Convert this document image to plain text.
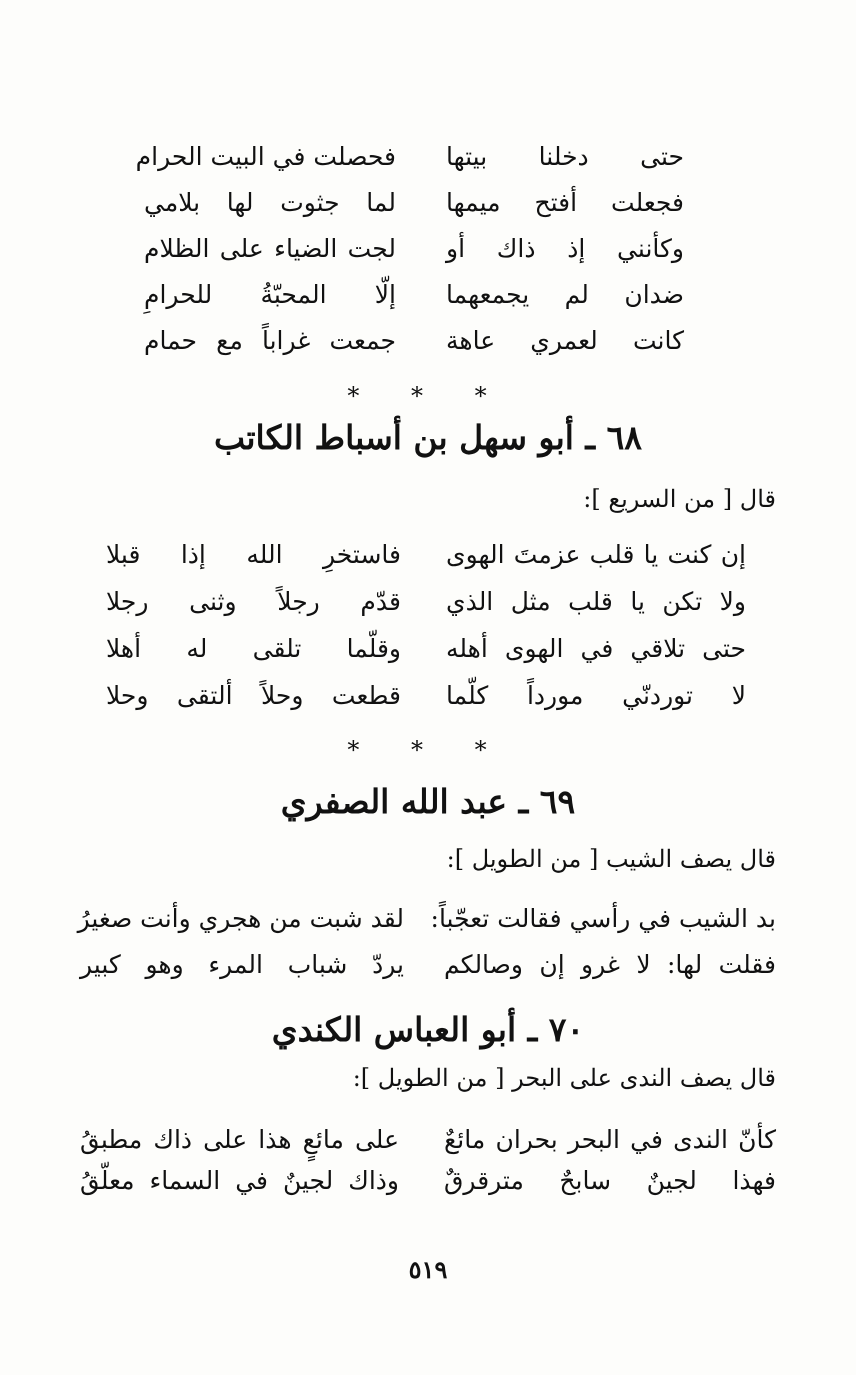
حتى دخلنا بيتها
فحصلت في البيت الحرام
فجعلت أفتح ميمها
لما جثوت لها بلامي
وكأنني إذ ذاك أو
لجت الضياء على الظلام
ضدان لم يجمعهما
إلّا المحبّةُ للحرامِ
كانت لعمري عاهة
جمعت غراباً مع حمام
* * *
٦٨ ـ أبو سهل بن أسباط الكاتب
قال [ من السريع ]:
إن كنت يا قلب عزمتَ الهوى
فاستخرِ الله إذا قبلا
ولا تكن يا قلب مثل الذي
قدّم رجلاً وثنى رجلا
حتى تلاقي في الهوى أهله
وقلّما تلقى له أهلا
لا توردنّي مورداً كلّما
قطعت وحلاً ألتقى وحلا
* * *
٦٩ ـ عبد الله الصفري
قال يصف الشيب [ من الطويل ]:
بد الشيب في رأسي فقالت تعجّباً:
لقد شبت من هجري وأنت صغيرُ
فقلت لها: لا غرو إن وصالكم
يردّ شباب المرء وهو كبير
٧٠ ـ أبو العباس الكندي
قال يصف الندى على البحر [ من الطويل ]:
كأنّ الندى في البحر بحران مائعٌ
على مائعٍ هذا على ذاك مطبقُ
فهذا لجينٌ سابحٌ مترقرقٌ
وذاك لجينٌ في السماء معلّقُ
٥١٩
